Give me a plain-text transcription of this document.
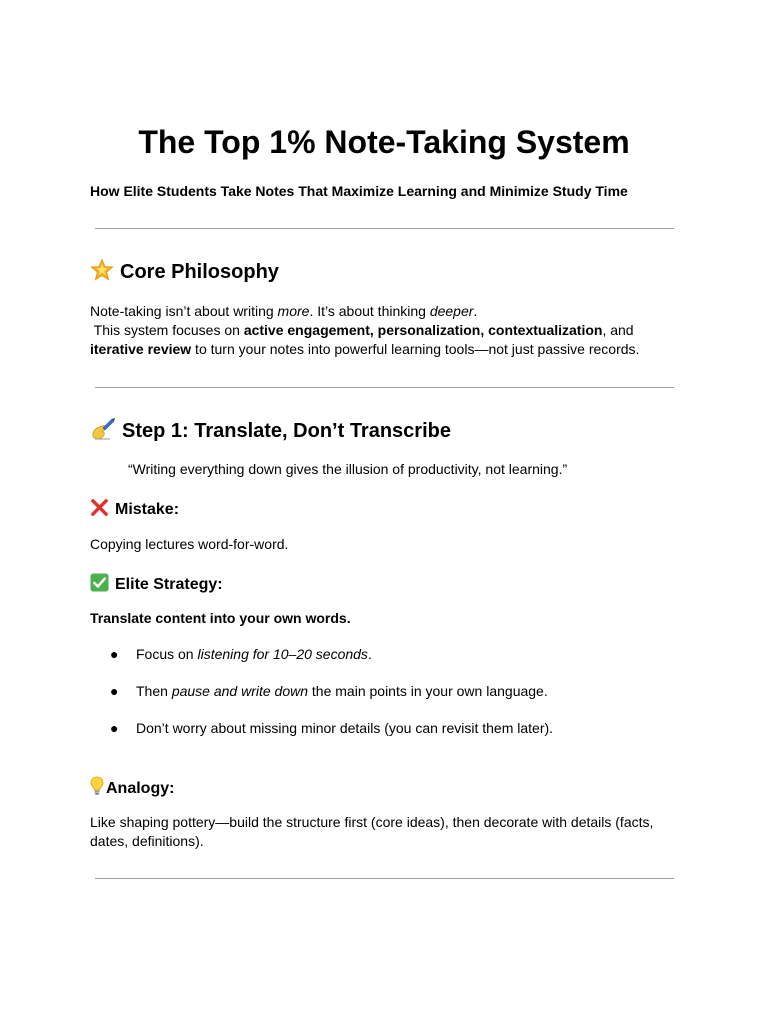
The Top 1% Note-Taking System
How Elite Students Take Notes That Maximize Learning and Minimize Study Time
Core Philosophy
Note-taking isn’t about writing more. It’s about thinking deeper.
This system focuses on active engagement, personalization, contextualization, and
iterative review to turn your notes into powerful learning tools—not just passive records.
Step 1: Translate, Don’t Transcribe
“Writing everything down gives the illusion of productivity, not learning.”
Mistake:
Copying lectures word-for-word.
Elite Strategy:
Translate content into your own words.
● Focus on listening for 10–20 seconds.
● Then pause and write down the main points in your own language.
● Don’t worry about missing minor details (you can revisit them later).
Analogy:
Like shaping pottery—build the structure first (core ideas), then decorate with details (facts, dates, definitions).
